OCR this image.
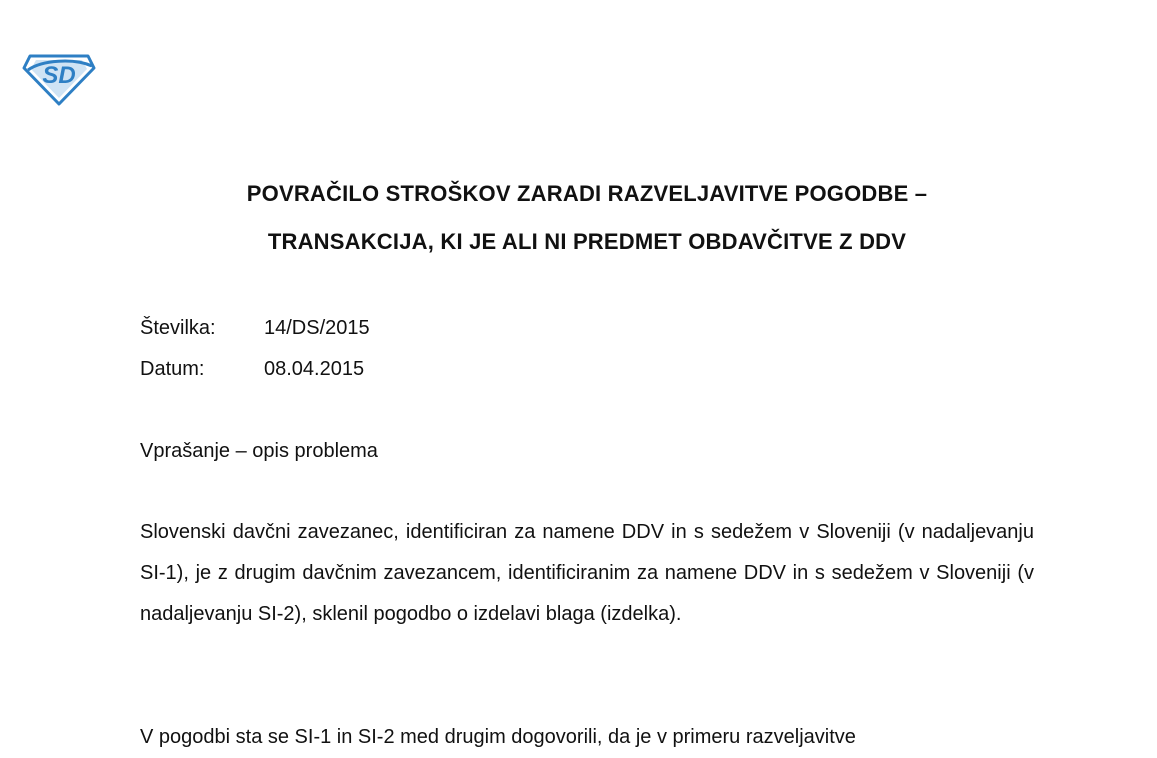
SD
POVRAČILO STROŠKOV ZARADI RAZVELJAVITVE POGODBE –
TRANSAKCIJA, KI JE ALI NI PREDMET OBDAVČITVE Z DDV
Številka: 14/DS/2015
Datum:	08.04.2015
Vprašanje – opis problema

Slovenski davčni zavezanec, identificiran za namene DDV in s sedežem v Sloveniji (v nadaljevanju SI-1), je z drugim davčnim zavezancem, identificiranim za namene DDV in s sedežem v Sloveniji (v nadaljevanju SI-2), sklenil pogodbo o izdelavi blaga (izdelka).

V pogodbi sta se SI-1 in SI-2 med drugim dogovorili, da je v primeru razveljavitve
